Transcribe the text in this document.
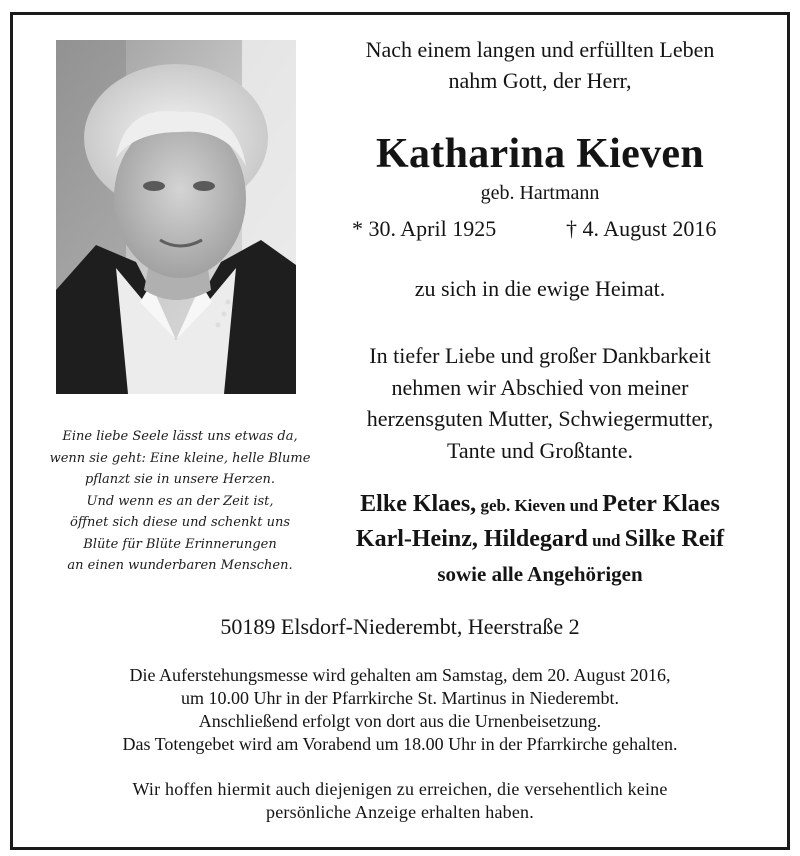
Eine liebe Seele lässt uns etwas da,
wenn sie geht: Eine kleine, helle Blume
pflanzt sie in unsere Herzen.
Und wenn es an der Zeit ist,
öffnet sich diese und schenkt uns
Blüte für Blüte Erinnerungen
an einen wunderbaren Menschen.
Nach einem langen und erfüllten Leben
nahm Gott, der Herr,
Katharina Kieven
geb. Hartmann
* 30. April 1925	† 4. August 2016
zu sich in die ewige Heimat.
In tiefer Liebe und großer Dankbarkeit
nehmen wir Abschied von meiner
herzensguten Mutter, Schwiegermutter,
Tante und Großtante.
Elke Klaes, geb. Kieven und Peter Klaes
Karl-Heinz, Hildegard und Silke Reif
sowie alle Angehörigen
50189 Elsdorf-Niederembt, Heerstraße 2
Die Auferstehungsmesse wird gehalten am Samstag, dem 20. August 2016,
um 10.00 Uhr in der Pfarrkirche St. Martinus in Niederembt.
Anschließend erfolgt von dort aus die Urnenbeisetzung.
Das Totengebet wird am Vorabend um 18.00 Uhr in der Pfarrkirche gehalten.
Wir hoffen hiermit auch diejenigen zu erreichen, die versehentlich keine
persönliche Anzeige erhalten haben.
